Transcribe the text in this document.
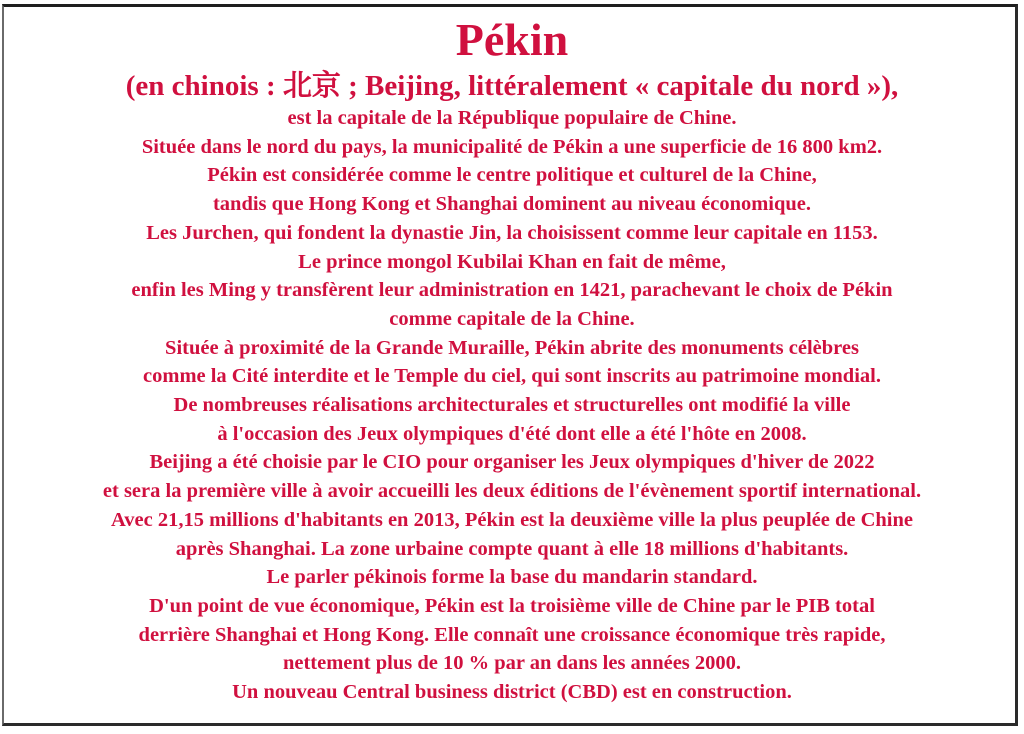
Pékin
(en chinois : 北京 ; Beijing, littéralement « capitale du nord »),
est la capitale de la République populaire de Chine.
Située dans le nord du pays, la municipalité de Pékin a une superficie de 16 800 km2.
Pékin est considérée comme le centre politique et culturel de la Chine,
tandis que Hong Kong et Shanghai dominent au niveau économique.
Les Jurchen, qui fondent la dynastie Jin, la choisissent comme leur capitale en 1153.
Le prince mongol Kubilai Khan en fait de même,
enfin les Ming y transfèrent leur administration en 1421, parachevant le choix de Pékin
comme capitale de la Chine.
Située à proximité de la Grande Muraille, Pékin abrite des monuments célèbres
comme la Cité interdite et le Temple du ciel, qui sont inscrits au patrimoine mondial.
De nombreuses réalisations architecturales et structurelles ont modifié la ville
à l'occasion des Jeux olympiques d'été dont elle a été l'hôte en 2008.
Beijing a été choisie par le CIO pour organiser les Jeux olympiques d'hiver de 2022
et sera la première ville à avoir accueilli les deux éditions de l'évènement sportif international.
Avec 21,15 millions d'habitants en 2013, Pékin est la deuxième ville la plus peuplée de Chine
après Shanghai. La zone urbaine compte quant à elle 18 millions d'habitants.
Le parler pékinois forme la base du mandarin standard.
D'un point de vue économique, Pékin est la troisième ville de Chine par le PIB total
derrière Shanghai et Hong Kong. Elle connaît une croissance économique très rapide,
nettement plus de 10 % par an dans les années 2000.
Un nouveau Central business district (CBD) est en construction.
